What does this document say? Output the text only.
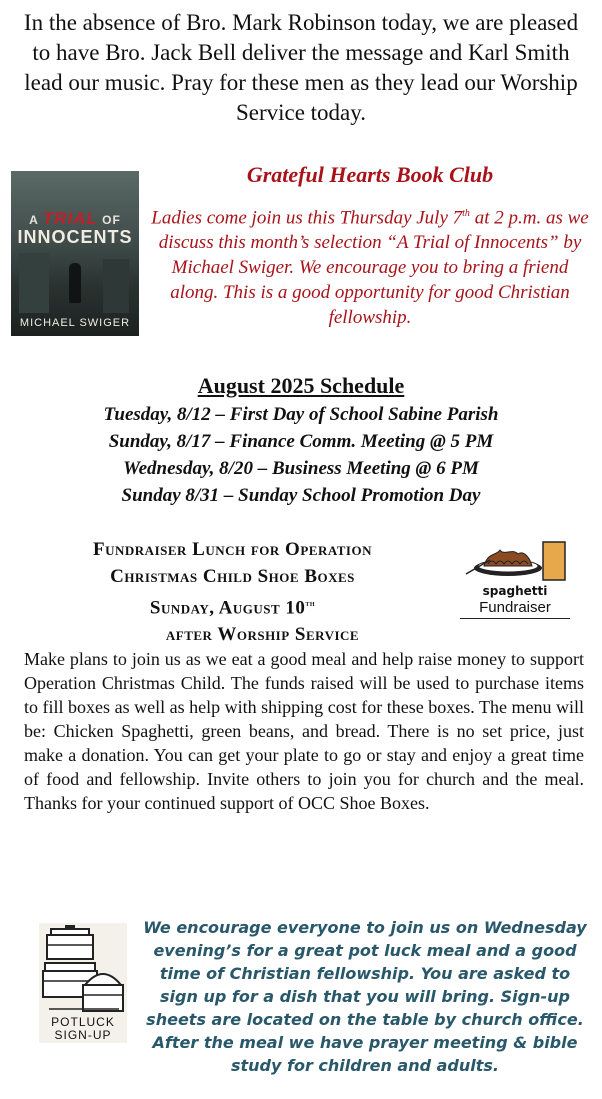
In the absence of Bro. Mark Robinson today, we are pleased to have Bro. Jack Bell deliver the message and Karl Smith lead our music. Pray for these men as they lead our Worship Service today.
A TRIAL OF
INNOCENTS
MICHAEL SWIGER
Grateful Hearts Book Club
Ladies come join us this Thursday July 7th at 2 p.m. as we discuss this month’s selection “A Trial of Innocents” by Michael Swiger. We encourage you to bring a friend along. This is a good opportunity for good Christian fellowship.
August 2025 Schedule
Tuesday, 8/12 – First Day of School Sabine Parish
Sunday, 8/17 – Finance Comm. Meeting @ 5 PM
Wednesday, 8/20 – Business Meeting @ 6 PM
Sunday 8/31 – Sunday School Promotion Day
Fundraiser Lunch for Operation
Christmas Child Shoe Boxes
Sunday, August 10th
after Worship Service
spaghetti
Fundraiser
Make plans to join us as we eat a good meal and help raise money to support Operation Christmas Child. The funds raised will be used to purchase items to fill boxes as well as help with shipping cost for these boxes. The menu will be: Chicken Spaghetti, green beans, and bread. There is no set price, just make a donation. You can get your plate to go or stay and enjoy a great time of food and fellowship. Invite others to join you for church and the meal. Thanks for your continued support of OCC Shoe Boxes.
POTLUCK
SIGN-UP
We encourage everyone to join us on Wednesday evening’s for a great pot luck meal and a good time of Christian fellowship. You are asked to sign up for a dish that you will bring. Sign-up sheets are located on the table by church office. After the meal we have prayer meeting & bible study for children and adults.
